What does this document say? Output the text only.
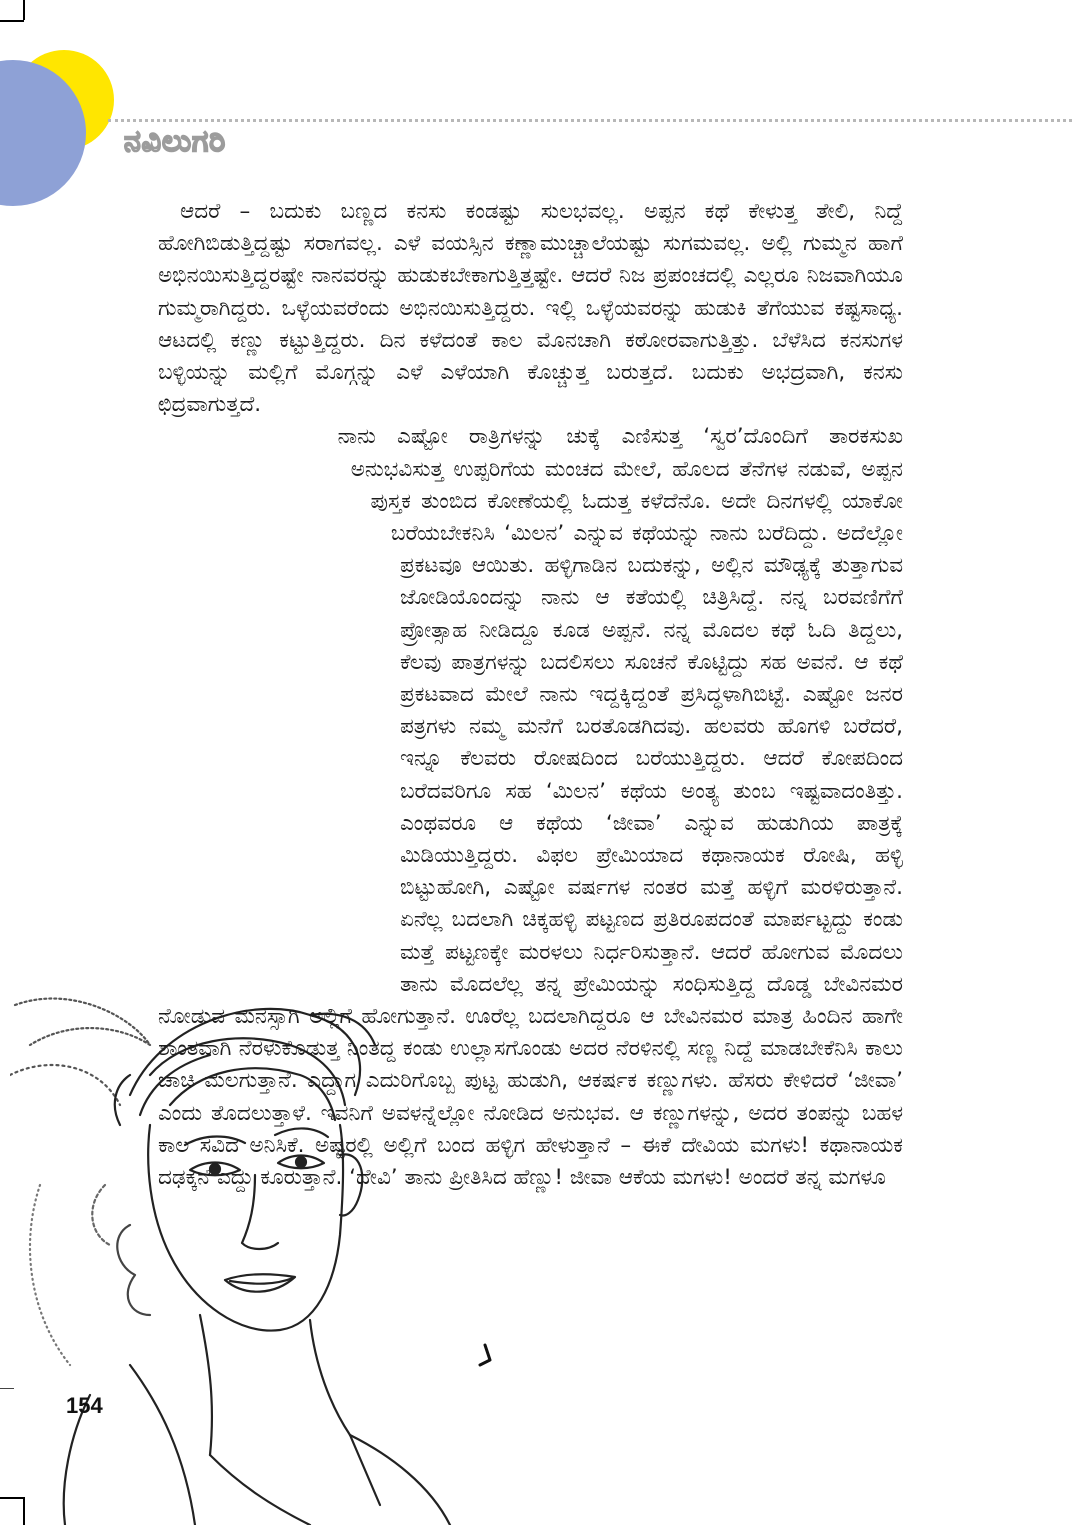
ನವಿಲುಗರಿ

ಆದರೆ – ಬದುಕು ಬಣ್ಣದ ಕನಸು ಕಂಡಷ್ಟು ಸುಲಭವಲ್ಲ. ಅಪ್ಪನ ಕಥೆ ಕೇಳುತ್ತ ತೇಲಿ, ನಿದ್ದೆ ಹೋಗಿಬಿಡುತ್ತಿದ್ದಷ್ಟು ಸರಾಗವಲ್ಲ. ಎಳೆ ವಯಸ್ಸಿನ ಕಣ್ಣಾಮುಚ್ಚಾಲೆಯಷ್ಟು ಸುಗಮವಲ್ಲ. ಅಲ್ಲಿ ಗುಮ್ಮನ ಹಾಗೆ ಅಭಿನಯಿಸುತ್ತಿದ್ದರಷ್ಟೇ ನಾನವರನ್ನು ಹುಡುಕಬೇಕಾಗುತ್ತಿತ್ತಷ್ಟೇ. ಆದರೆ ನಿಜ ಪ್ರಪಂಚದಲ್ಲಿ ಎಲ್ಲರೂ ನಿಜವಾಗಿಯೂ ಗುಮ್ಮರಾಗಿದ್ದರು. ಒಳ್ಳೆಯವರೆಂದು ಅಭಿನಯಿಸುತ್ತಿದ್ದರು. ಇಲ್ಲಿ ಒಳ್ಳೆಯವರನ್ನು ಹುಡುಕಿ ತೆಗೆಯುವ ಕಷ್ಟಸಾಧ್ಯ. ಆಟದಲ್ಲಿ ಕಣ್ಣು ಕಟ್ಟುತ್ತಿದ್ದರು. ದಿನ ಕಳೆದಂತೆ ಕಾಲ ಮೊನಚಾಗಿ ಕಠೋರವಾಗುತ್ತಿತ್ತು. ಬೆಳೆಸಿದ ಕನಸುಗಳ ಬಳ್ಳಿಯನ್ನು ಮಲ್ಲಿಗೆ ಮೊಗ್ಗನ್ನು ಎಳೆ ಎಳೆಯಾಗಿ ಕೊಚ್ಚುತ್ತ ಬರುತ್ತದೆ. ಬದುಕು ಅಭದ್ರವಾಗಿ, ಕನಸು ಛಿದ್ರವಾಗುತ್ತದೆ.

ನಾನು ಎಷ್ಟೋ ರಾತ್ರಿಗಳನ್ನು ಚುಕ್ಕೆ ಎಣಿಸುತ್ತ ‘ಸ್ವರ’ದೊಂದಿಗೆ ತಾರಕಸುಖ ಅನುಭವಿಸುತ್ತ ಉಪ್ಪರಿಗೆಯ ಮಂಚದ ಮೇಲೆ, ಹೊಲದ ತೆನೆಗಳ ನಡುವೆ, ಅಪ್ಪನ ಪುಸ್ತಕ ತುಂಬಿದ ಕೋಣೆಯಲ್ಲಿ ಓದುತ್ತ ಕಳೆದೆನೊ. ಅದೇ ದಿನಗಳಲ್ಲಿ ಯಾಕೋ ಬರೆಯಬೇಕನಿಸಿ ‘ಮಿಲನ’ ಎನ್ನುವ ಕಥೆಯನ್ನು ನಾನು ಬರೆದಿದ್ದು. ಅದೆಲ್ಲೋ ಪ್ರಕಟವೂ ಆಯಿತು. ಹಳ್ಳಿಗಾಡಿನ ಬದುಕನ್ನು, ಅಲ್ಲಿನ ಮೌಢ್ಯಕ್ಕೆ ತುತ್ತಾಗುವ ಜೋಡಿಯೊಂದನ್ನು ನಾನು ಆ ಕತೆಯಲ್ಲಿ ಚಿತ್ರಿಸಿದ್ದೆ. ನನ್ನ ಬರವಣಿಗೆಗೆ ಪ್ರೋತ್ಸಾಹ ನೀಡಿದ್ದೂ ಕೂಡ ಅಪ್ಪನೆ. ನನ್ನ ಮೊದಲ ಕಥೆ ಓದಿ ತಿದ್ದಲು, ಕೆಲವು ಪಾತ್ರಗಳನ್ನು ಬದಲಿಸಲು ಸೂಚನೆ ಕೊಟ್ಟಿದ್ದು ಸಹ ಅವನೆ. ಆ ಕಥೆ ಪ್ರಕಟವಾದ ಮೇಲೆ ನಾನು ಇದ್ದಕ್ಕಿದ್ದಂತೆ ಪ್ರಸಿದ್ಧಳಾಗಿಬಿಟ್ಟೆ. ಎಷ್ಟೋ ಜನರ ಪತ್ರಗಳು ನಮ್ಮ ಮನೆಗೆ ಬರತೊಡಗಿದವು. ಹಲವರು ಹೊಗಳಿ ಬರೆದರೆ, ಇನ್ನೂ ಕೆಲವರು ರೋಷದಿಂದ ಬರೆಯುತ್ತಿದ್ದರು. ಆದರೆ ಕೋಪದಿಂದ ಬರೆದವರಿಗೂ ಸಹ ‘ಮಿಲನ’ ಕಥೆಯ ಅಂತ್ಯ ತುಂಬ ಇಷ್ಟವಾದಂತಿತ್ತು. ಎಂಥವರೂ ಆ ಕಥೆಯ ‘ಜೀವಾ’ ಎನ್ನುವ ಹುಡುಗಿಯ ಪಾತ್ರಕ್ಕೆ ಮಿಡಿಯುತ್ತಿದ್ದರು. ವಿಫಲ ಪ್ರೇಮಿಯಾದ ಕಥಾನಾಯಕ ರೋಷಿ, ಹಳ್ಳಿ ಬಿಟ್ಟುಹೋಗಿ, ಎಷ್ಟೋ ವರ್ಷಗಳ ನಂತರ ಮತ್ತೆ ಹಳ್ಳಿಗೆ ಮರಳಿರುತ್ತಾನೆ. ಏನೆಲ್ಲ ಬದಲಾಗಿ ಚಿಕ್ಕಹಳ್ಳಿ ಪಟ್ಟಣದ ಪ್ರತಿರೂಪದಂತೆ ಮಾರ್ಪಟ್ಟದ್ದು ಕಂಡು ಮತ್ತೆ ಪಟ್ಟಣಕ್ಕೇ ಮರಳಲು ನಿರ್ಧರಿಸುತ್ತಾನೆ. ಆದರೆ ಹೋಗುವ ಮೊದಲು ತಾನು ಮೊದಲೆಲ್ಲ ತನ್ನ ಪ್ರೇಮಿಯನ್ನು ಸಂಧಿಸುತ್ತಿದ್ದ ದೊಡ್ಡ ಬೇವಿನಮರ ನೋಡುವ ಮನಸ್ಸಾಗಿ ಅಲ್ಲಿಗೆ ಹೋಗುತ್ತಾನೆ. ಊರೆಲ್ಲ ಬದಲಾಗಿದ್ದರೂ ಆ ಬೇವಿನಮರ ಮಾತ್ರ ಹಿಂದಿನ ಹಾಗೇ ಶಾಂತವಾಗಿ ನೆರಳುಕೊಡುತ್ತ ನಿಂತದ್ದ ಕಂಡು ಉಲ್ಲಾಸಗೊಂಡು ಅದರ ನೆರಳಿನಲ್ಲಿ ಸಣ್ಣ ನಿದ್ದೆ ಮಾಡಬೇಕೆನಿಸಿ ಕಾಲು ಚಾಚಿ ಮಲಗುತ್ತಾನೆ. ಎದ್ದಾಗ ಎದುರಿಗೊಬ್ಬ ಪುಟ್ಟ ಹುಡುಗಿ, ಆಕರ್ಷಕ ಕಣ್ಣುಗಳು. ಹೆಸರು ಕೇಳಿದರೆ ‘ಜೀವಾ’ ಎಂದು ತೊದಲುತ್ತಾಳೆ. ಇವನಿಗೆ ಅವಳನ್ನೆಲ್ಲೋ ನೋಡಿದ ಅನುಭವ. ಆ ಕಣ್ಣುಗಳನ್ನು, ಅದರ ತಂಪನ್ನು ಬಹಳ ಕಾಲ ಸವಿದ ಅನಿಸಿಕೆ. ಅಷ್ಟರಲ್ಲಿ ಅಲ್ಲಿಗೆ ಬಂದ ಹಳ್ಳಿಗ ಹೇಳುತ್ತಾನೆ – ಈಕೆ ದೇವಿಯ ಮಗಳು! ಕಥಾನಾಯಕ ದಢಕ್ಕನೆ ಎದ್ದು ಕೂರುತ್ತಾನೆ. ‘ದೇವಿ’ ತಾನು ಪ್ರೀತಿಸಿದ ಹೆಣ್ಣು! ಜೀವಾ ಆಕೆಯ ಮಗಳು! ಅಂದರೆ ತನ್ನ ಮಗಳೂ

154
